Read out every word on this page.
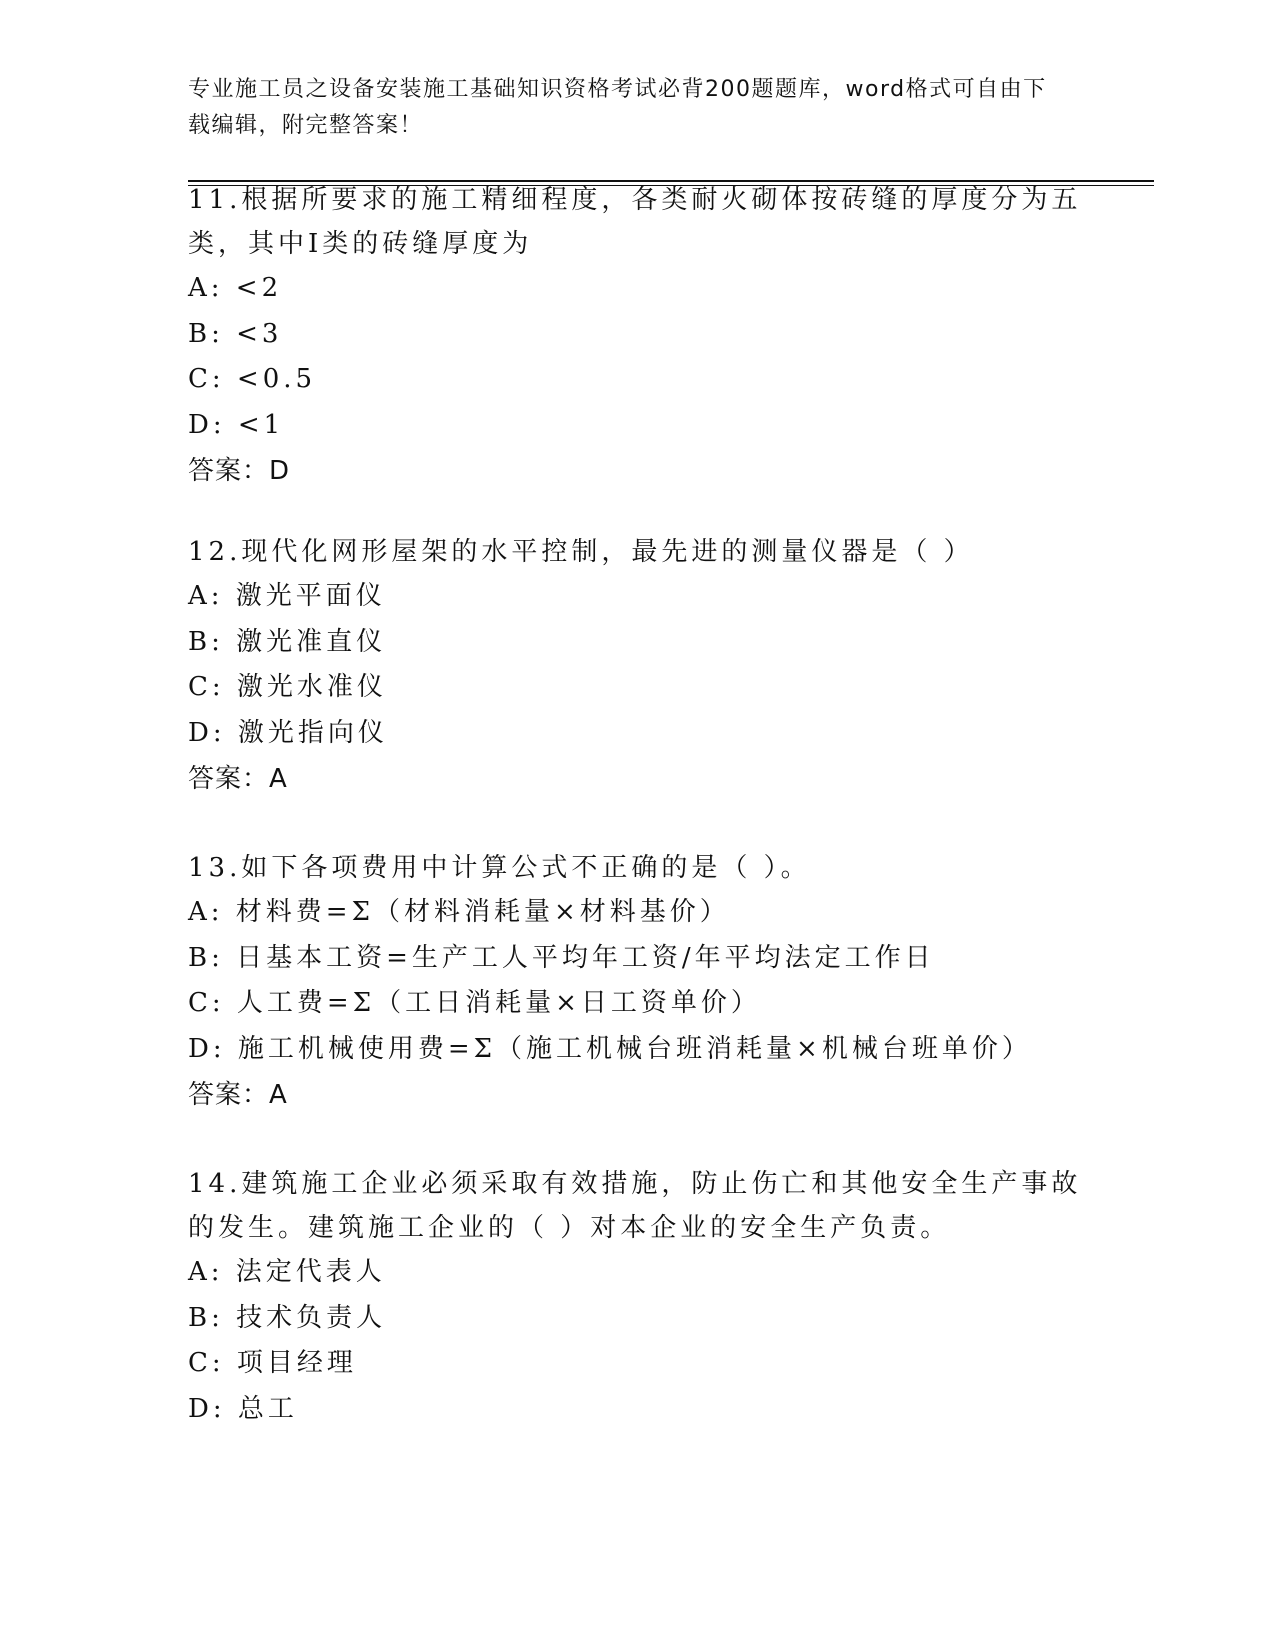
专业施工员之设备安装施工基础知识资格考试必背200题题库，word格式可自由下载编辑，附完整答案！

11.根据所要求的施工精细程度，各类耐火砌体按砖缝的厚度分为五类，其中Ⅰ类的砖缝厚度为

A: <2

B: <3

C: <0.5

D: <1

答案：D

12.现代化网形屋架的水平控制，最先进的测量仪器是（ ）

A: 激光平面仪

B: 激光准直仪

C: 激光水准仪

D: 激光指向仪

答案：A

13.如下各项费用中计算公式不正确的是（ ）。

A: 材料费=Σ（材料消耗量×材料基价）

B: 日基本工资=生产工人平均年工资/年平均法定工作日

C: 人工费=Σ（工日消耗量×日工资单价）

D: 施工机械使用费=Σ（施工机械台班消耗量×机械台班单价）

答案：A

14.建筑施工企业必须采取有效措施，防止伤亡和其他安全生产事故的发生。建筑施工企业的（ ）对本企业的安全生产负责。

A: 法定代表人

B: 技术负责人

C: 项目经理

D: 总工
